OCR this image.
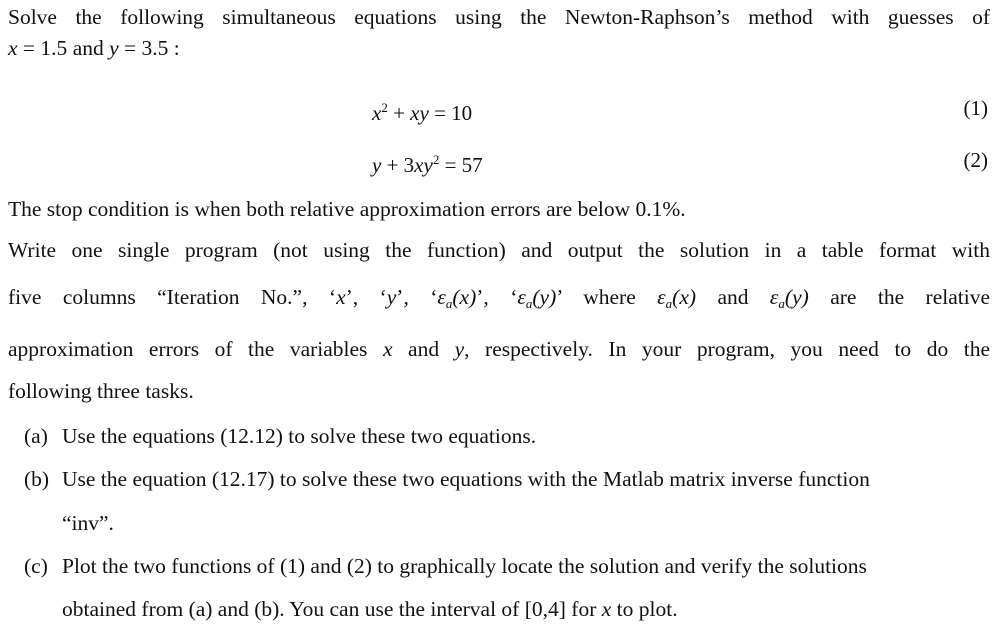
Solve the following simultaneous equations using the Newton-Raphson’s method with guesses of
x = 1.5 and y = 3.5 :
$x^2$ + xy = 10	(1)
$y + 3xy^2 = 57$	(2)
The stop condition is when both relative approximation errors are below 0.1%.
Write one single program (not using the function) and output the solution in a table format with
five columns “Iteration No.”, ‘x’, ‘y’, ‘$\varepsilon_a(x)$’, ‘$\varepsilon_a(y)$’ where $\varepsilon_a(x)$ and $\varepsilon_a(y)$ are the relative
approximation errors of the variables x and y, respectively. In your program, you need to do the
following three tasks.
(a) Use the equations (12.12) to solve these two equations.
(b) Use the equation (12.17) to solve these two equations with the Matlab matrix inverse function
“inv”.
(c) Plot the two functions of (1) and (2) to graphically locate the solution and verify the solutions
obtained from (a) and (b). You can use the interval of [0,4] for x to plot.
